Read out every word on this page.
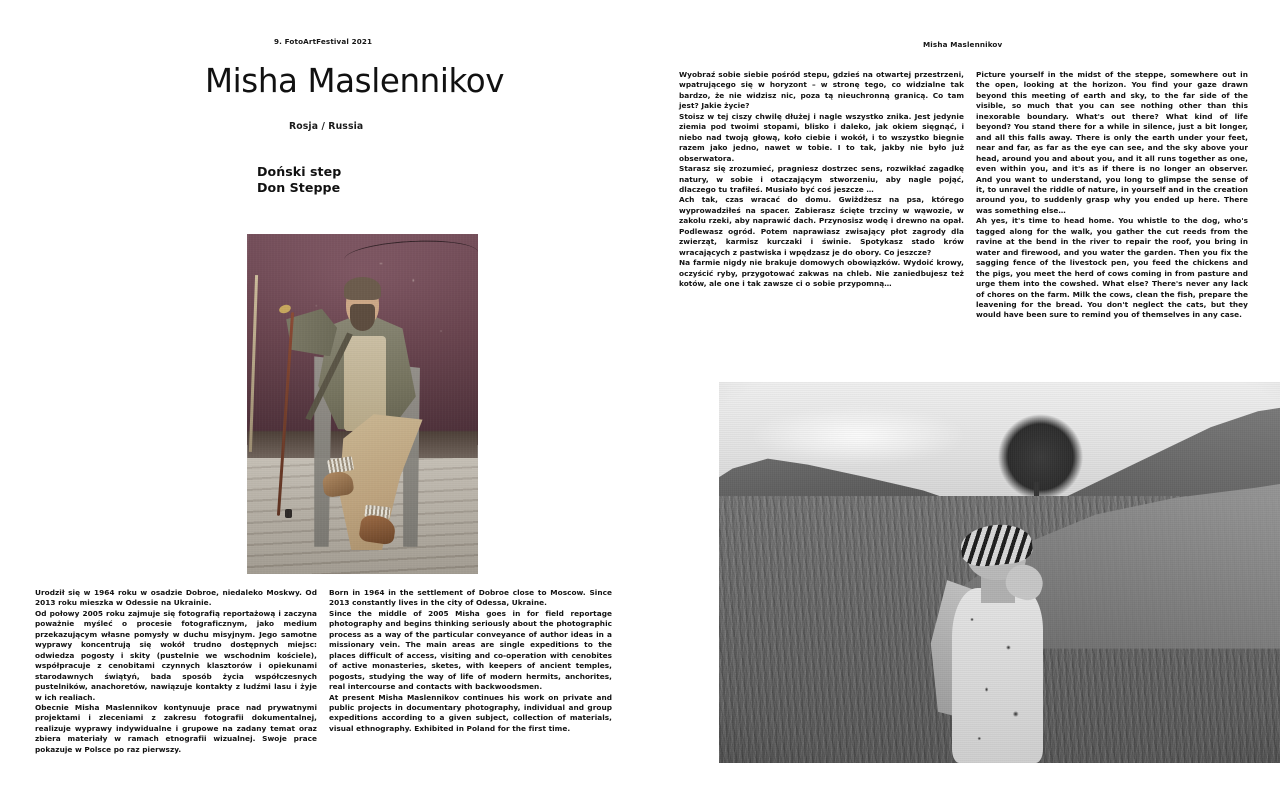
9. FotoArtFestival 2021	Misha Maslennikov
Misha Maslennikov

Rosja / Russia

Doński step

Don Steppe

Wyobraź sobie siebie pośród stepu, gdzieś na otwartej przestrzeni, wpatrującego się w horyzont – w stronę tego, co widzialne tak bardzo, że nie widzisz nic, poza tą nieuchronną granicą. Co tam jest? Jakie życie?

Stoisz w tej ciszy chwilę dłużej i nagle wszystko znika. Jest jedynie ziemia pod twoimi stopami, blisko i daleko, jak okiem sięgnąć, i niebo nad twoją głową, koło ciebie i wokół, i to wszystko biegnie razem jako jedno, nawet w tobie. I to tak, jakby nie było już obserwatora.

Starasz się zrozumieć, pragniesz dostrzec sens, rozwikłać zagadkę natury, w sobie i otaczającym stworzeniu, aby nagle pojąć, dlaczego tu trafiłeś. Musiało być coś jeszcze …

Ach tak, czas wracać do domu. Gwiżdżesz na psa, którego wyprowadziłeś na spacer. Zabierasz ścięte trzciny w wąwozie, w zakolu rzeki, aby naprawić dach. Przynosisz wodę i drewno na opał. Podlewasz ogród. Potem naprawiasz zwisający płot zagrody dla zwierząt, karmisz kurczaki i świnie. Spotykasz stado krów wracających z pastwiska i wpędzasz je do obory. Co jeszcze?

Na farmie nigdy nie brakuje domowych obowiązków. Wydoić krowy, oczyścić ryby, przygotować zakwas na chleb. Nie zaniedbujesz też kotów, ale one i tak zawsze ci o sobie przypomną…

Picture yourself in the midst of the steppe, somewhere out in the open, looking at the horizon. You find your gaze drawn beyond this meeting of earth and sky, to the far side of the visible, so much that you can see nothing other than this inexorable boundary. What's out there? What kind of life beyond? You stand there for a while in silence, just a bit longer, and all this falls away. There is only the earth under your feet, near and far, as far as the eye can see, and the sky above your head, around you and about you, and it all runs together as one, even within you, and it's as if there is no longer an observer. And you want to understand, you long to glimpse the sense of it, to unravel the riddle of nature, in yourself and in the creation around you, to suddenly grasp why you ended up here. There was something else…

Ah yes, it's time to head home. You whistle to the dog, who's tagged along for the walk, you gather the cut reeds from the ravine at the bend in the river to repair the roof, you bring in water and firewood, and you water the garden. Then you fix the sagging fence of the livestock pen, you feed the chickens and the pigs, you meet the herd of cows coming in from pasture and urge them into the cowshed. What else? There's never any lack of chores on the farm. Milk the cows, clean the fish, prepare the leavening for the bread. You don't neglect the cats, but they would have been sure to remind you of themselves in any case.

Urodził się w 1964 roku w osadzie Dobroe, niedaleko Moskwy. Od 2013 roku mieszka w Odessie na Ukrainie.

Od połowy 2005 roku zajmuje się fotografią reportażową i zaczyna poważnie myśleć o procesie fotograficznym, jako medium przekazującym własne pomysły w duchu misyjnym. Jego samotne wyprawy koncentrują się wokół trudno dostępnych miejsc: odwiedza pogosty i skity (pustelnie we wschodnim kościele), współpracuje z cenobitami czynnych klasztorów i opiekunami starodawnych świątyń, bada sposób życia współczesnych pustelników, anachoretów, nawiązuje kontakty z ludźmi lasu i żyje w ich realiach.

Obecnie Misha Maslennikov kontynuuje prace nad prywatnymi projektami i zleceniami z zakresu fotografii dokumentalnej, realizuje wyprawy indywidualne i grupowe na zadany temat oraz zbiera materiały w ramach etnografii wizualnej. Swoje prace pokazuje w Polsce po raz pierwszy.

Born in 1964 in the settlement of Dobroe close to Moscow. Since 2013 constantly lives in the city of Odessa, Ukraine.

Since the middle of 2005 Misha goes in for field reportage photography and begins thinking seriously about the photographic process as a way of the particular conveyance of author ideas in a missionary vein. The main areas are single expeditions to the places difficult of access, visiting and co-operation with cenobites of active monasteries, sketes, with keepers of ancient temples, pogosts, studying the way of life of modern hermits, anchorites, real intercourse and contacts with backwoodsmen.

At present Misha Maslennikov continues his work on private and public projects in documentary photography, individual and group expeditions according to a given subject, collection of materials, visual ethnography. Exhibited in Poland for the first time.
